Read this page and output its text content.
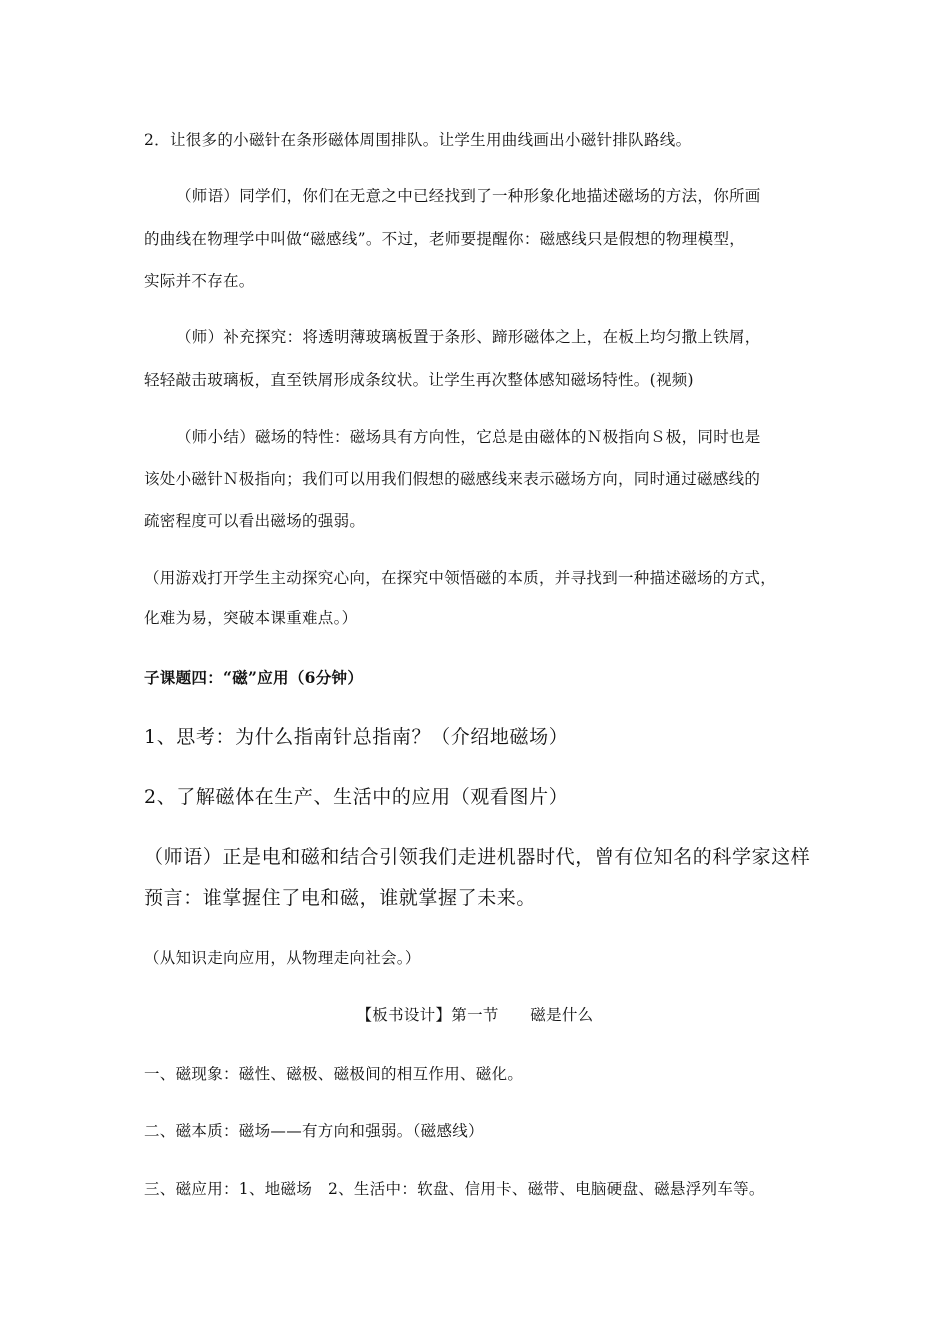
2．让很多的小磁针在条形磁体周围排队。让学生用曲线画出小磁针排队路线。
（师语）同学们，你们在无意之中已经找到了一种形象化地描述磁场的方法，你所画
的曲线在物理学中叫做“磁感线”。不过，老师要提醒你：磁感线只是假想的物理模型，
实际并不存在。
（师）补充探究：将透明薄玻璃板置于条形、蹄形磁体之上，在板上均匀撒上铁屑，
轻轻敲击玻璃板，直至铁屑形成条纹状。让学生再次整体感知磁场特性。(视频)
（师小结）磁场的特性：磁场具有方向性，它总是由磁体的Ｎ极指向Ｓ极，同时也是
该处小磁针Ｎ极指向；我们可以用我们假想的磁感线来表示磁场方向，同时通过磁感线的
疏密程度可以看出磁场的强弱。
（用游戏打开学生主动探究心向，在探究中领悟磁的本质，并寻找到一种描述磁场的方式，
化难为易，突破本课重难点。）
子课题四：“磁”应用（6分钟）
1、思考：为什么指南针总指南？（介绍地磁场）
2、了解磁体在生产、生活中的应用（观看图片）
（师语）正是电和磁和结合引领我们走进机器时代，曾有位知名的科学家这样
预言：谁掌握住了电和磁，谁就掌握了未来。
（从知识走向应用，从物理走向社会。）
【板书设计】第一节　　磁是什么
一、磁现象：磁性、磁极、磁极间的相互作用、磁化。
二、磁本质：磁场——有方向和强弱。（磁感线）
三、磁应用：1、地磁场　2、生活中：软盘、信用卡、磁带、电脑硬盘、磁悬浮列车等。
